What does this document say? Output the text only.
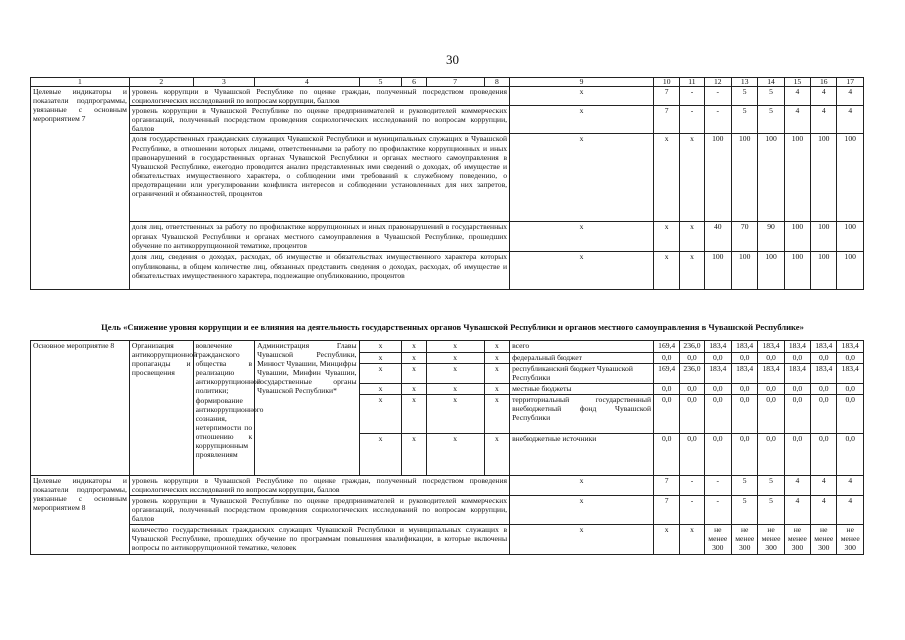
30
1	2	3	4	5	6	7	8	9	10	11	12	13	14	15	16	17
Целевые индикаторы и показатели подпрограммы, увязанные с основным мероприятием 7	уровень коррупции в Чувашской Республике по оценке граждан, полученный посредством проведения социологических исследований по вопросам коррупции, баллов							x	7	-	-	5	5	4	4	4
	уровень коррупции в Чувашской Республике по оценке предпринимателей и руководителей коммерческих организаций, полученный посредством проведения социологических исследований по вопросам коррупции, баллов							x	7	-	-	5	5	4	4	4
	доля государственных гражданских служащих Чувашской Республики и муниципальных служащих в Чувашской Республике, в отношении которых лицами, ответственными за работу по профилактике коррупционных и иных правонарушений в государственных органах Чувашской Республики и органах местного самоуправления в Чувашской Республике, ежегодно проводится анализ представленных ими сведений о доходах, об имуществе и обязательствах имущественного характера, о соблюдении ими требований к служебному поведению, о предотвращении или урегулировании конфликта интересов и соблюдении установленных для них запретов, ограничений и обязанностей, процентов							x	x	x	100	100	100	100	100	100
	доля лиц, ответственных за работу по профилактике коррупционных и иных правонарушений в государственных органах Чувашской Республики и органах местного самоуправления в Чувашской Республике, прошедших обучение по антикоррупционной тематике, процентов							x	x	x	40	70	90	100	100	100
	доля лиц, сведения о доходах, расходах, об имуществе и обязательствах имущественного характера которых опубликованы, в общем количестве лиц, обязанных представить сведения о доходах, расходах, об имуществе и обязательствах имущественного характера, подлежащие опубликованию, процентов							x	x	x	100	100	100	100	100	100
Цель «Снижение уровня коррупции и ее влияния на деятельность государственных органов Чувашской Республики и органов местного самоуправления в Чувашской Республике»
Основное мероприятие 8	Организация антикоррупционной пропаганды и просвещения	вовлечение гражданского общества в реализацию антикоррупционной политики; формирование антикоррупционного сознания, нетерпимости по отношению к коррупционным проявлениям	Администрация Главы Чувашской Республики, Минюст Чувашии, Минцифры Чувашии, Минфин Чувашии, государственные органы Чувашской Республики*	x	x	x	x	всего	169,4	236,0	183,4	183,4	183,4	183,4	183,4	183,4
				x	x	x	x	федеральный бюджет	0,0	0,0	0,0	0,0	0,0	0,0	0,0	0,0
				x	x	x	x	республиканский бюджет Чувашской Республики	169,4	236,0	183,4	183,4	183,4	183,4	183,4	183,4
				x	x	x	x	местные бюджеты	0,0	0,0	0,0	0,0	0,0	0,0	0,0	0,0
				x	x	x	x	территориальный государственный внебюджетный фонд Чувашской Республики	0,0	0,0	0,0	0,0	0,0	0,0	0,0	0,0
				x	x	x	x	внебюджетные источники	0,0	0,0	0,0	0,0	0,0	0,0	0,0	0,0
Целевые индикаторы и показатели подпрограммы, увязанные с основным мероприятием 8	уровень коррупции в Чувашской Республике по оценке граждан, полученный посредством проведения социологических исследований по вопросам коррупции, баллов							x	7	-	-	5	5	4	4	4
	уровень коррупции в Чувашской Республике по оценке предпринимателей и руководителей коммерческих организаций, полученный посредством проведения социологических исследований по вопросам коррупции, баллов							x	7	-	-	5	5	4	4	4
	количество государственных гражданских служащих Чувашской Республики и муниципальных служащих в Чувашской Республике, прошедших обучение по программам повышения квалификации, в которые включены вопросы по антикоррупционной тематике, человек							x	x	x	не менее 300	не менее 300	не менее 300	не менее 300	не менее 300	не менее 300
